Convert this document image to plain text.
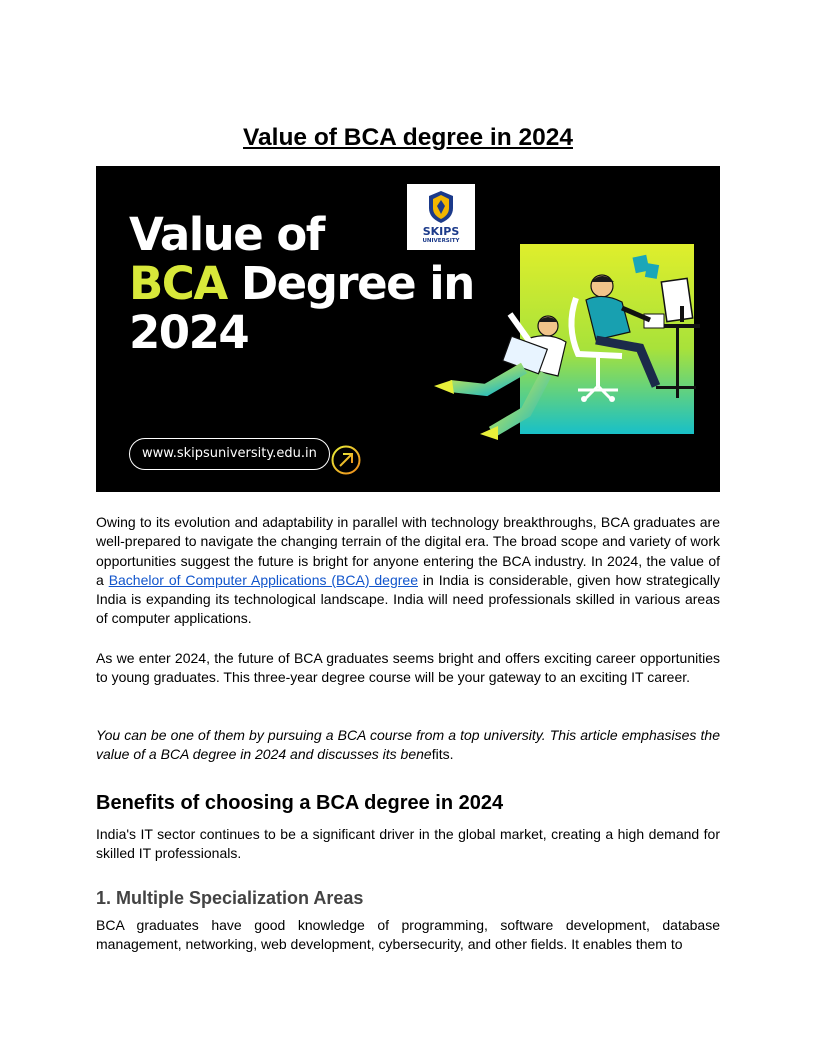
Value of BCA degree in 2024
Value of
BCA Degree in
2024
SKIPS
UNIVERSITY
www.skipsuniversity.edu.in

Owing to its evolution and adaptability in parallel with technology breakthroughs, BCA graduates are well-prepared to navigate the changing terrain of the digital era. The broad scope and variety of work opportunities suggest the future is bright for anyone entering the BCA industry. In 2024, the value of a Bachelor of Computer Applications (BCA) degree in India is considerable, given how strategically India is expanding its technological landscape. India will need professionals skilled in various areas of computer applications.

As we enter 2024, the future of BCA graduates seems bright and offers exciting career opportunities to young graduates. This three-year degree course will be your gateway to an exciting IT career.

You can be one of them by pursuing a BCA course from a top university. This article emphasises the value of a BCA degree in 2024 and discusses its benefits.

Benefits of choosing a BCA degree in 2024

India's IT sector continues to be a significant driver in the global market, creating a high demand for skilled IT professionals.

1. Multiple Specialization Areas

BCA graduates have good knowledge of programming, software development, database management, networking, web development, cybersecurity, and other fields. It enables them to
